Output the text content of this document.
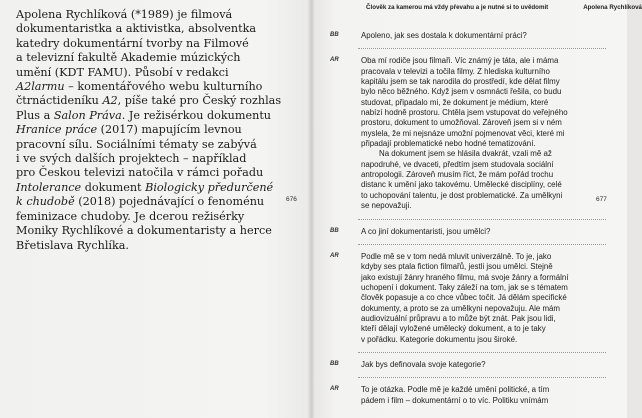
Apolena Rychlíková (*1989) je filmová
dokumentaristka a aktivistka, absolventka
katedry dokumentární tvorby na Filmové
a televizní fakultě Akademie múzických
umění (KDT FAMU). Působí v redakci
A2larmu – komentářového webu kulturního
čtrnáctideníku A2, píše také pro Český rozhlas
Plus a Salon Práva. Je režisérkou dokumentu
Hranice práce (2017) mapujícím levnou
pracovní sílu. Sociálními tématy se zabývá
i ve svých dalších projektech – například
pro Českou televizi natočila v rámci pořadu
Intolerance dokument Biologicky předurčené
k chudobě (2018) pojednávající o fenoménu
feminizace chudoby. Je dcerou režisérky
Moniky Rychlíkové a dokumentaristy a herce
Břetislava Rychlíka.

676
Člověk za kamerou má vždy převahu a je nutné si to uvědomit	Apolena Rychlíková
BB	Apoleno, jak ses dostala k dokumentární práci?

AR	Oba mí rodiče jsou filmaři. Víc známý je táta, ale i máma
pracovala v televizi a točila filmy. Z hlediska kulturního
kapitálu jsem se tak narodila do prostředí, kde dělat filmy
bylo něco běžného. Když jsem v osmnácti řešila, co budu
studovat, připadalo mi, že dokument je médium, které
nabízí hodně prostoru. Chtěla jsem vstupovat do veřejného
prostoru, dokument to umožňoval. Zároveň jsem si v ném
myslela, že mi nejsnáze umožní pojmenovat věci, které mi
připadají problematické nebo hodné tematizování.
Na dokument jsem se hlásila dvakrát, vzali mě až
napodruhé, ve dvaceti, předtím jsem studovala sociální
antropologii. Zároveň musím říct, že mám pořád trochu
distanc k umění jako takovému. Umělecké disciplíny, celé
to uchopování talentu, je dost problematické. Za umělkyni
se nepovažuji.

BB	A co jiní dokumentaristi, jsou umělci?

AR	Podle mě se v tom nedá mluvit univerzálně. To je, jako
kdyby ses ptala fiction filmařů, jestli jsou umělci. Stejně
jako existují žánry hraného filmu, má svoje žánry a formální
uchopení i dokument. Taky záleží na tom, jak se s tématem
člověk popasuje a co chce vůbec točit. Já dělám specifické
dokumenty, a proto se za umělkyni nepovažuju. Ale mám
audiovizuální průpravu a to může být znát. Pak jsou lidi,
kteří dělají vyložené umělecký dokument, a to je taky
v pořádku. Kategorie dokumentu jsou široké.

BB	Jak bys definovala svoje kategorie?

AR	To je otázka. Podle mě je každé umění politické, a tím
pádem i film – dokumentární o to víc. Politiku vnímám

677
